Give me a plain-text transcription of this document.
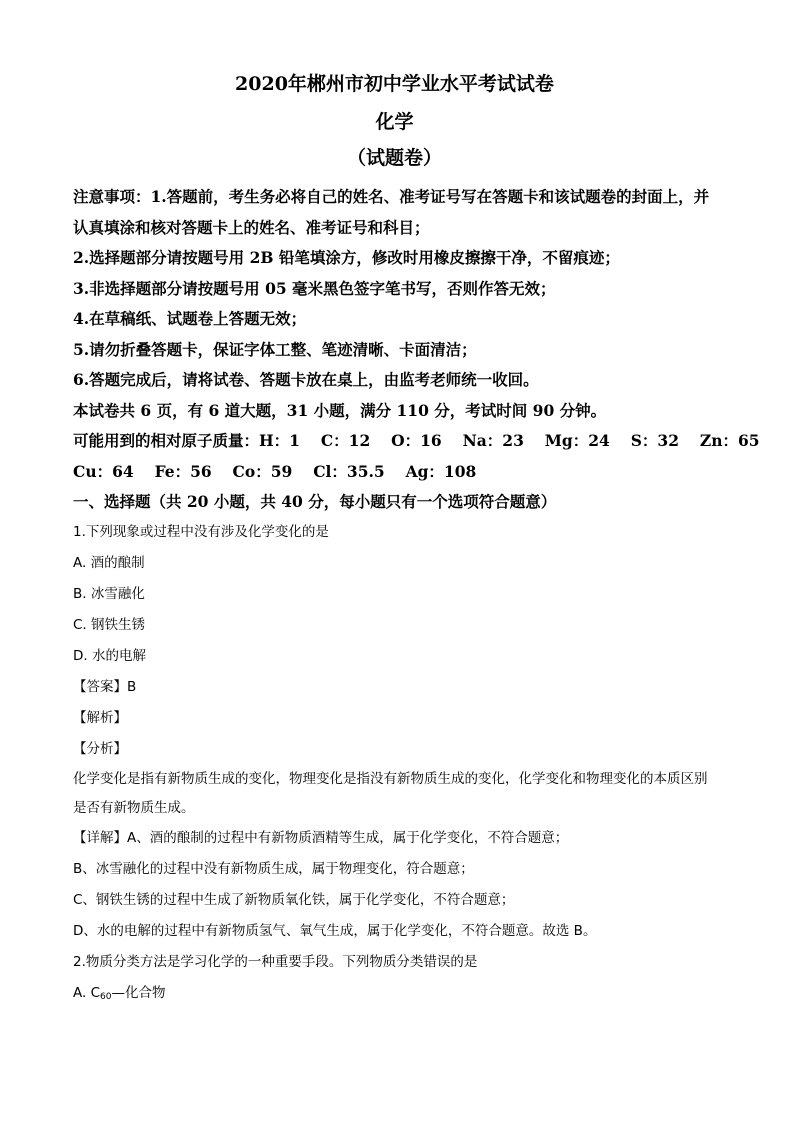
2020年郴州市初中学业水平考试试卷
化学
（试题卷）

注意事项：1.答题前，考生务必将自己的姓名、准考证号写在答题卡和该试题卷的封面上，并认真填涂和核对答题卡上的姓名、准考证号和科目；

2.选择题部分请按题号用 2B 铅笔填涂方，修改时用橡皮擦擦干净，不留痕迹；

3.非选择题部分请按题号用 05 毫米黑色签字笔书写，否则作答无效；

4.在草稿纸、试题卷上答题无效；

5.请勿折叠答题卡，保证字体工整、笔迹清晰、卡面清洁；

6.答题完成后，请将试卷、答题卡放在桌上，由监考老师统一收回。

本试卷共 6 页，有 6 道大题，31 小题，满分 110 分，考试时间 90 分钟。

可能用到的相对原子质量：H：1　 C：12　 O：16　 Na：23　 Mg：24　 S：32　 Zn：65

Cu：64　 Fe：56　 Co：59　 Cl：35.5　 Ag：108

一、选择题（共 20 小题，共 40 分，每小题只有一个选项符合题意）

1.下列现象或过程中没有涉及化学变化的是

A. 酒的酿制

B. 冰雪融化

C. 钢铁生锈

D. 水的电解

【答案】B

【解析】

【分析】

化学变化是指有新物质生成的变化，物理变化是指没有新物质生成的变化，化学变化和物理变化的本质区别是否有新物质生成。

【详解】A、酒的酿制的过程中有新物质酒精等生成，属于化学变化，不符合题意；

B、冰雪融化的过程中没有新物质生成，属于物理变化，符合题意；

C、钢铁生锈的过程中生成了新物质氧化铁，属于化学变化，不符合题意；

D、水的电解的过程中有新物质氢气、氧气生成，属于化学变化，不符合题意。故选 B。

2.物质分类方法是学习化学的一种重要手段。下列物质分类错误的是

A. $C_{60}—$化合物
